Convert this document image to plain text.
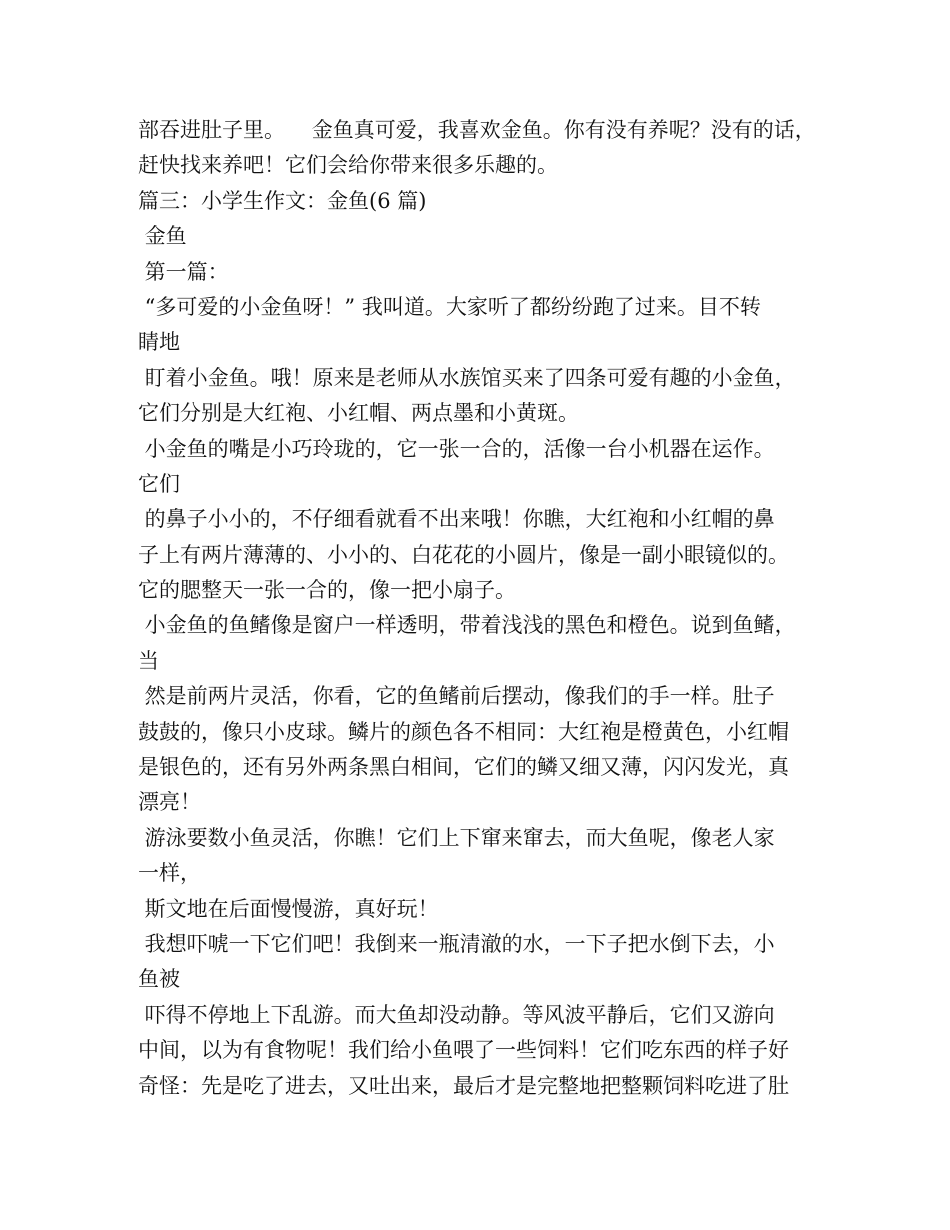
部吞进肚子里。    金鱼真可爱，我喜欢金鱼。你有没有养呢？没有的话，
赶快找来养吧！它们会给你带来很多乐趣的。
篇三：小学生作文：金鱼(6 篇)
金鱼
第一篇：
“多可爱的小金鱼呀！” 我叫道。大家听了都纷纷跑了过来。目不转
睛地
盯着小金鱼。哦！原来是老师从水族馆买来了四条可爱有趣的小金鱼，
它们分别是大红袍、小红帽、两点墨和小黄斑。
小金鱼的嘴是小巧玲珑的，它一张一合的，活像一台小机器在运作。
它们
的鼻子小小的，不仔细看就看不出来哦！你瞧，大红袍和小红帽的鼻
子上有两片薄薄的、小小的、白花花的小圆片，像是一副小眼镜似的。
它的腮整天一张一合的，像一把小扇子。
小金鱼的鱼鳍像是窗户一样透明，带着浅浅的黑色和橙色。说到鱼鳍，
当
然是前两片灵活，你看，它的鱼鳍前后摆动，像我们的手一样。肚子
鼓鼓的，像只小皮球。鳞片的颜色各不相同：大红袍是橙黄色，小红帽
是银色的，还有另外两条黑白相间，它们的鳞又细又薄，闪闪发光，真
漂亮！
游泳要数小鱼灵活，你瞧！它们上下窜来窜去，而大鱼呢，像老人家
一样，
斯文地在后面慢慢游，真好玩！
我想吓唬一下它们吧！我倒来一瓶清澈的水，一下子把水倒下去，小
鱼被
吓得不停地上下乱游。而大鱼却没动静。等风波平静后，它们又游向
中间，以为有食物呢！我们给小鱼喂了一些饲料！它们吃东西的样子好
奇怪：先是吃了进去，又吐出来，最后才是完整地把整颗饲料吃进了肚
